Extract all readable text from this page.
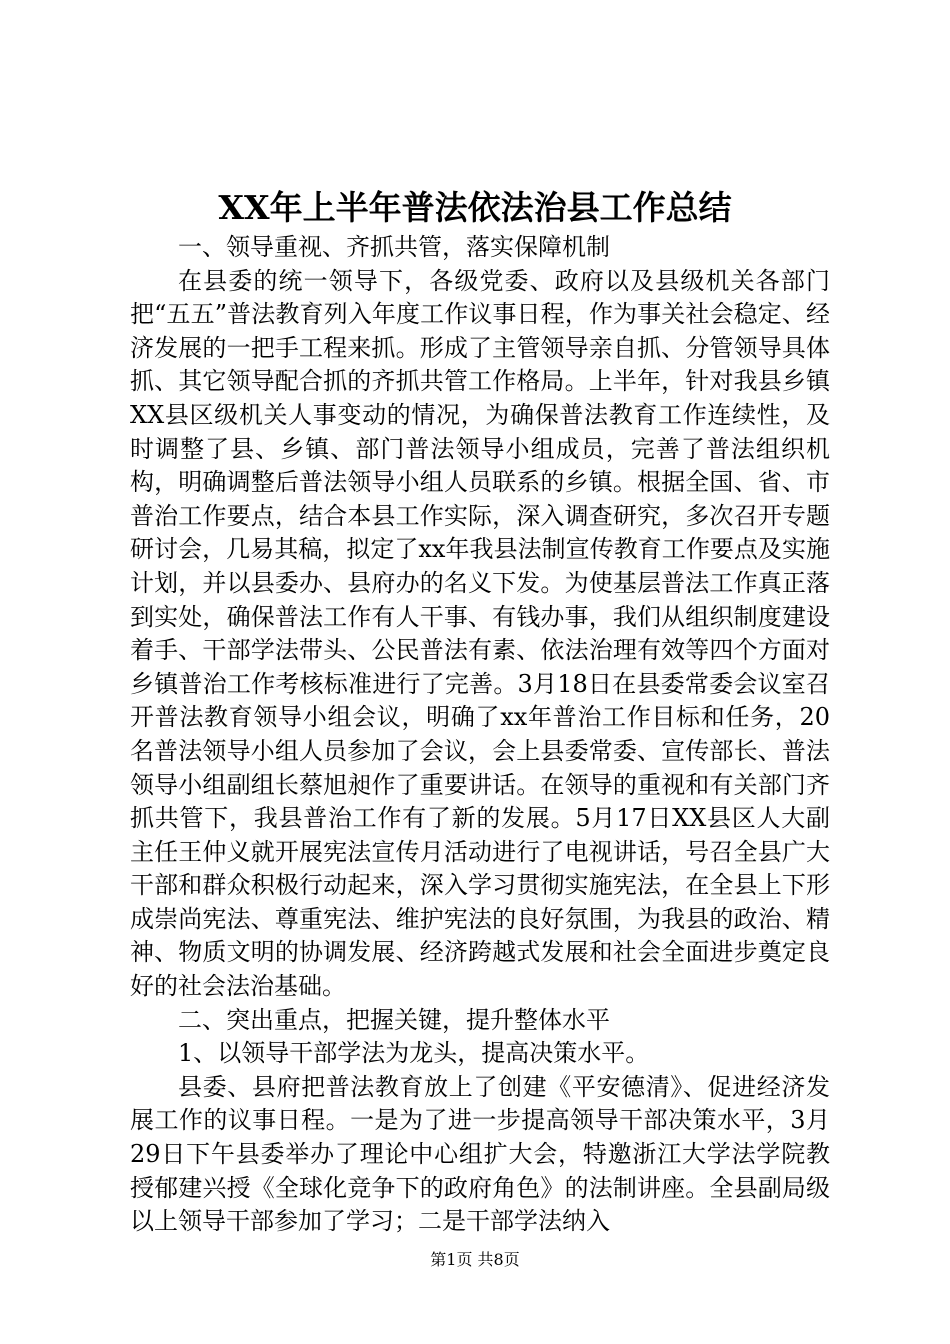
XX年上半年普法依法治县工作总结

一、领导重视、齐抓共管，落实保障机制

在县委的统一领导下，各级党委、政府以及县级机关各部门把“五五”普法教育列入年度工作议事日程，作为事关社会稳定、经济发展的一把手工程来抓。形成了主管领导亲自抓、分管领导具体抓、其它领导配合抓的齐抓共管工作格局。上半年，针对我县乡镇XX县区级机关人事变动的情况，为确保普法教育工作连续性，及时调整了县、乡镇、部门普法领导小组成员，完善了普法组织机构，明确调整后普法领导小组人员联系的乡镇。根据全国、省、市普治工作要点，结合本县工作实际，深入调查研究，多次召开专题研讨会，几易其稿，拟定了xx年我县法制宣传教育工作要点及实施计划，并以县委办、县府办的名义下发。为使基层普法工作真正落到实处，确保普法工作有人干事、有钱办事，我们从组织制度建设着手、干部学法带头、公民普法有素、依法治理有效等四个方面对乡镇普治工作考核标准进行了完善。3月18日在县委常委会议室召开普法教育领导小组会议，明确了xx年普治工作目标和任务，20名普法领导小组人员参加了会议，会上县委常委、宣传部长、普法领导小组副组长蔡旭昶作了重要讲话。在领导的重视和有关部门齐抓共管下，我县普治工作有了新的发展。5月17日XX县区人大副主任王仲义就开展宪法宣传月活动进行了电视讲话，号召全县广大干部和群众积极行动起来，深入学习贯彻实施宪法，在全县上下形成崇尚宪法、尊重宪法、维护宪法的良好氛围，为我县的政治、精神、物质文明的协调发展、经济跨越式发展和社会全面进步奠定良好的社会法治基础。

二、突出重点，把握关键，提升整体水平

1、以领导干部学法为龙头，提高决策水平。

县委、县府把普法教育放上了创建《平安德清》、促进经济发展工作的议事日程。一是为了进一步提高领导干部决策水平，3月29日下午县委举办了理论中心组扩大会，特邀浙江大学法学院教授郁建兴授《全球化竞争下的政府角色》的法制讲座。全县副局级以上领导干部参加了学习；二是干部学法纳入

第1页 共8页
